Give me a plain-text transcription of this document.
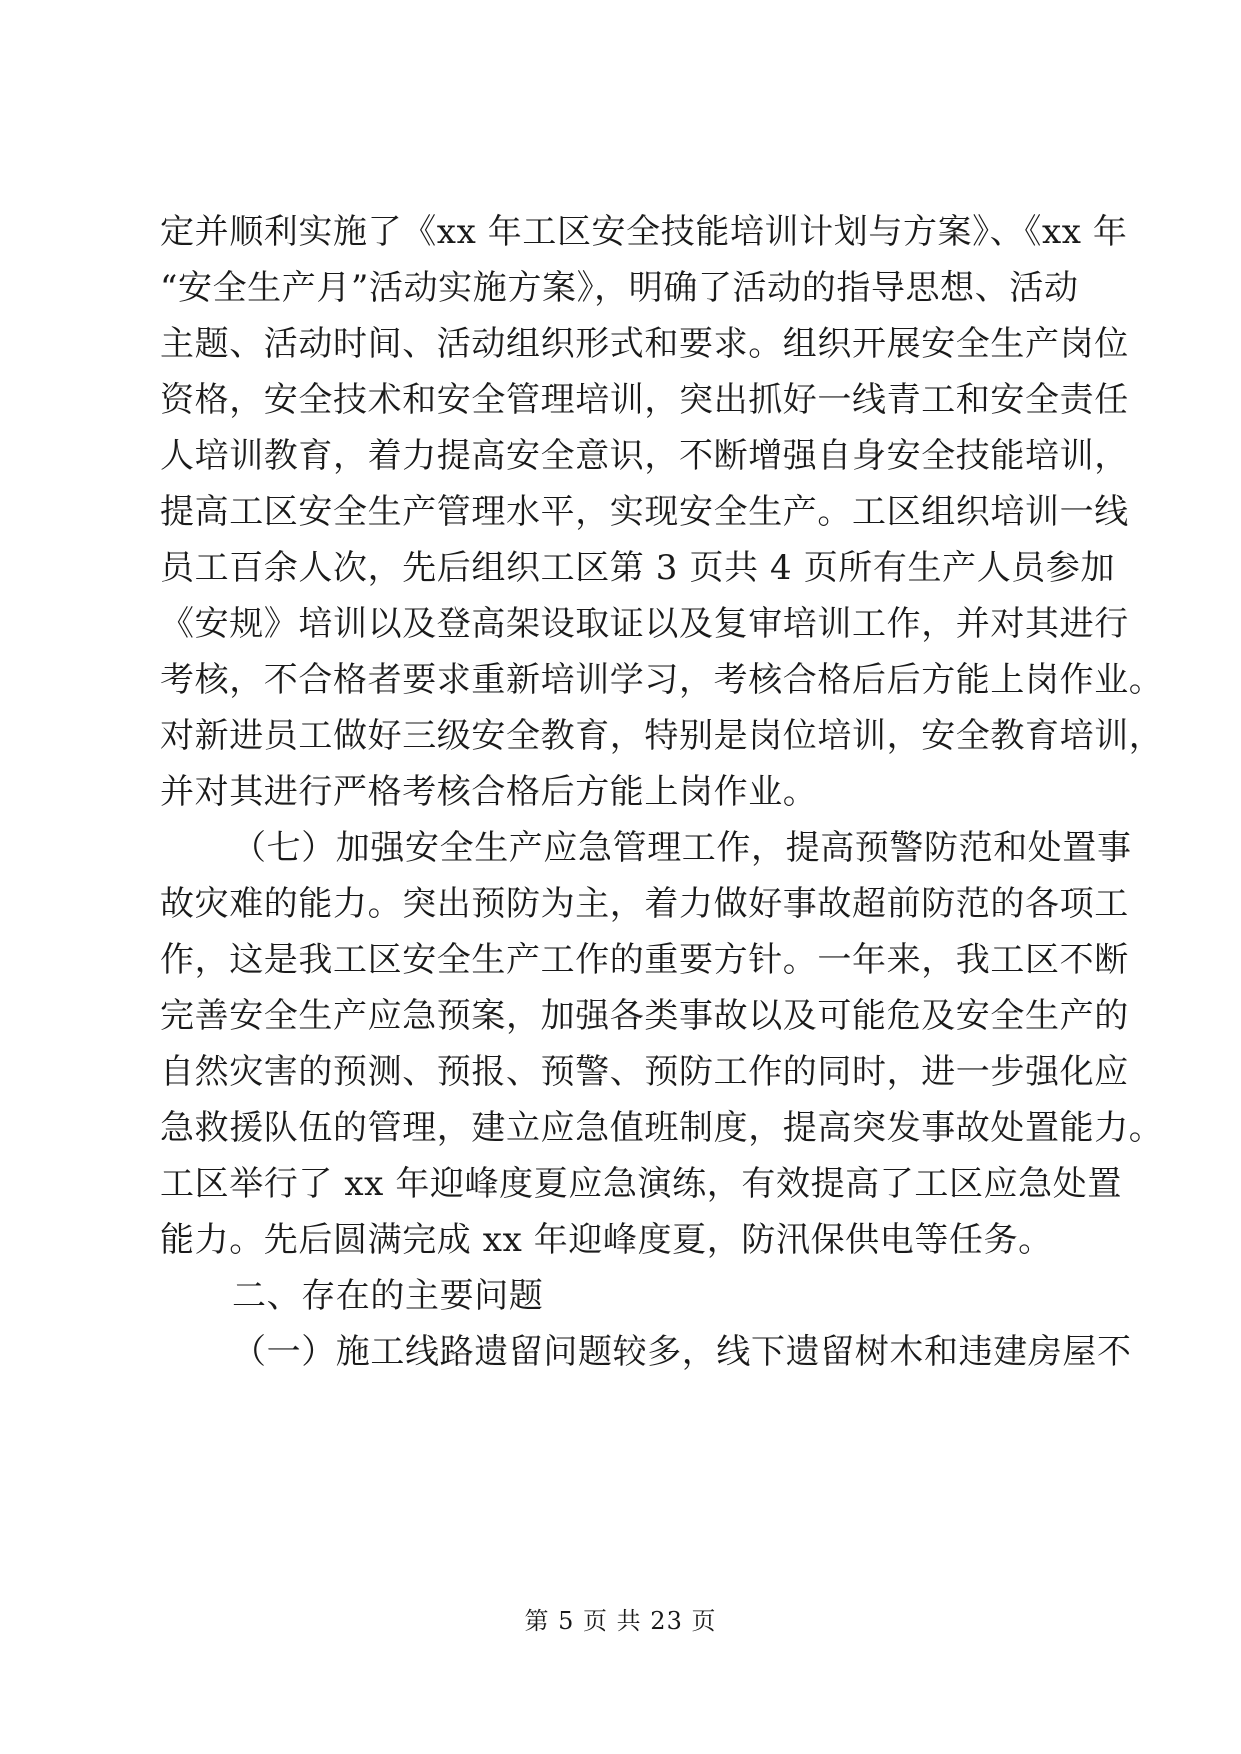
定并顺利实施了《xx 年工区安全技能培训计划与方案》、《xx 年
“安全生产月”活动实施方案》，明确了活动的指导思想、活动
主题、活动时间、活动组织形式和要求。组织开展安全生产岗位
资格，安全技术和安全管理培训，突出抓好一线青工和安全责任
人培训教育，着力提高安全意识，不断增强自身安全技能培训，
提高工区安全生产管理水平，实现安全生产。工区组织培训一线
员工百余人次，先后组织工区第 3 页共 4 页所有生产人员参加
《安规》培训以及登高架设取证以及复审培训工作，并对其进行
考核，不合格者要求重新培训学习，考核合格后后方能上岗作业。
对新进员工做好三级安全教育，特别是岗位培训，安全教育培训，
并对其进行严格考核合格后方能上岗作业。
（七）加强安全生产应急管理工作，提高预警防范和处置事
故灾难的能力。突出预防为主，着力做好事故超前防范的各项工
作，这是我工区安全生产工作的重要方针。一年来，我工区不断
完善安全生产应急预案，加强各类事故以及可能危及安全生产的
自然灾害的预测、预报、预警、预防工作的同时，进一步强化应
急救援队伍的管理，建立应急值班制度，提高突发事故处置能力。
工区举行了 xx 年迎峰度夏应急演练，有效提高了工区应急处置
能力。先后圆满完成 xx 年迎峰度夏，防汛保供电等任务。
二、存在的主要问题
（一）施工线路遗留问题较多，线下遗留树木和违建房屋不
第 5 页 共 23 页
